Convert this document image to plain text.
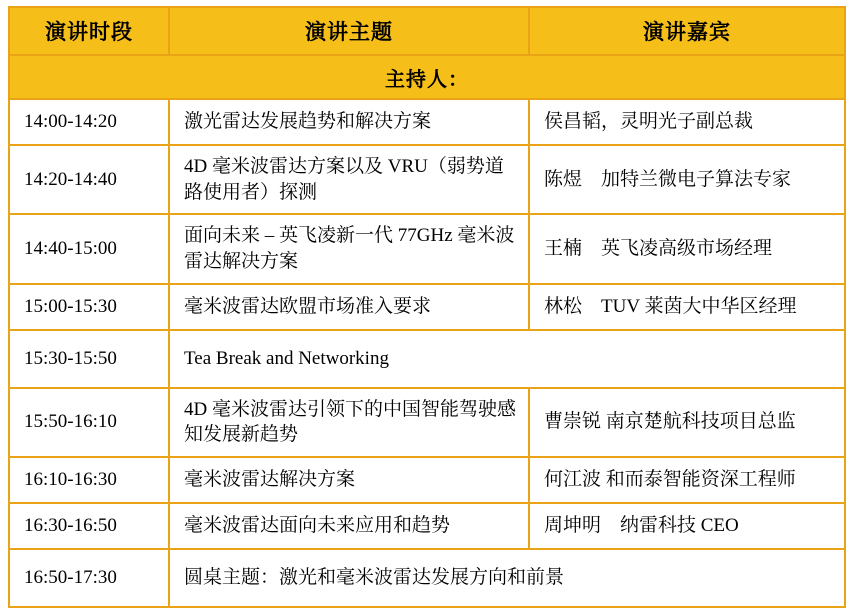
演讲时段	演讲主题	演讲嘉宾
主持人：		

14:00-14:20	激光雷达发展趋势和解决方案	侯昌韬，灵明光子副总裁

14:20-14:40	4D 毫米波雷达方案以及 VRU（弱势道路使用者）探测	陈煜　加特兰微电子算法专家

14:40-15:00	面向未来 – 英飞凌新一代 77GHz 毫米波雷达解决方案	王楠　英飞凌高级市场经理

15:00-15:30	毫米波雷达欧盟市场准入要求	林松　TUV 莱茵大中华区经理

15:30-15:50	Tea Break and Networking	

15:50-16:10	4D 毫米波雷达引领下的中国智能驾驶感知发展新趋势	曹崇锐 南京楚航科技项目总监

16:10-16:30	毫米波雷达解决方案	何江波 和而泰智能资深工程师

16:30-16:50	毫米波雷达面向未来应用和趋势	周坤明　纳雷科技 CEO

16:50-17:30	圆桌主题：激光和毫米波雷达发展方向和前景	
